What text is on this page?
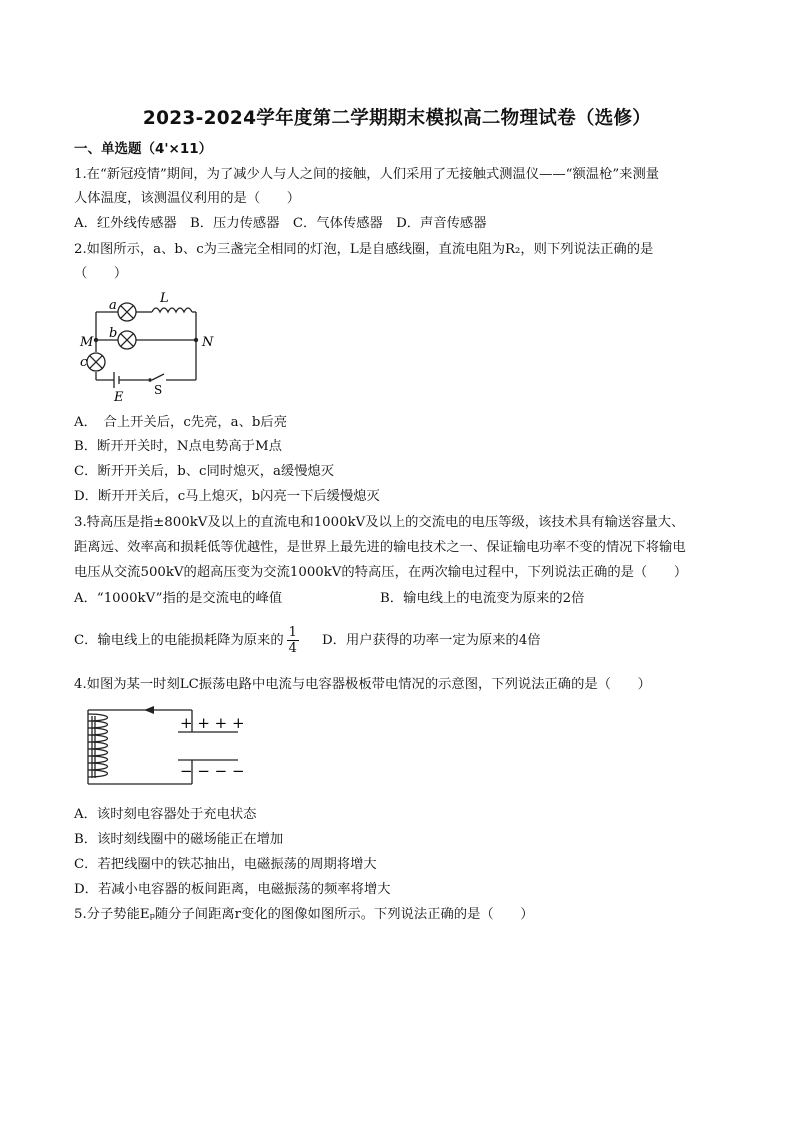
2023-2024学年度第二学期期末模拟高二物理试卷（选修）
一、单选题（4'×11）
1.在“新冠疫情”期间，为了减少人与人之间的接触，人们采用了无接触式测温仪——“额温枪”来测量
人体温度，该测温仪利用的是（　　）
A．红外线传感器　B．压力传感器　C．气体传感器　D．声音传感器
2.如图所示，a、b、c为三盏完全相同的灯泡，L是自感线圈，直流电阻为R₂，则下列说法正确的是
（　　）
a
b
c
L
M	N
E	S
A．　合上开关后，c先亮，a、b后亮
B．断开开关时，N点电势高于M点
C．断开开关后，b、c同时熄灭，a缓慢熄灭
D．断开开关后，c马上熄灭，b闪亮一下后缓慢熄灭
3.特高压是指±800kV及以上的直流电和1000kV及以上的交流电的电压等级，该技术具有输送容量大、
距离远、效率高和损耗低等优越性，是世界上最先进的输电技术之一、保证输电功率不变的情况下将输电
电压从交流500kV的超高压变为交流1000kV的特高压，在两次输电过程中，下列说法正确的是（　　）
A．“1000kV”指的是交流电的峰值	B．输电线上的电流变为原来的2倍
C．输电线上的电能损耗降为原来的 $\frac{1}{4}$ D．用户获得的功率一定为原来的4倍
4.如图为某一时刻LC振荡电路中电流与电容器极板带电情况的示意图，下列说法正确的是（　　）
+ + + +
− − − −
A．该时刻电容器处于充电状态
B．该时刻线圈中的磁场能正在增加
C．若把线圈中的铁芯抽出，电磁振荡的周期将增大
D．若减小电容器的板间距离，电磁振荡的频率将增大
5.分子势能Eₚ随分子间距离r变化的图像如图所示。下列说法正确的是（　　）
